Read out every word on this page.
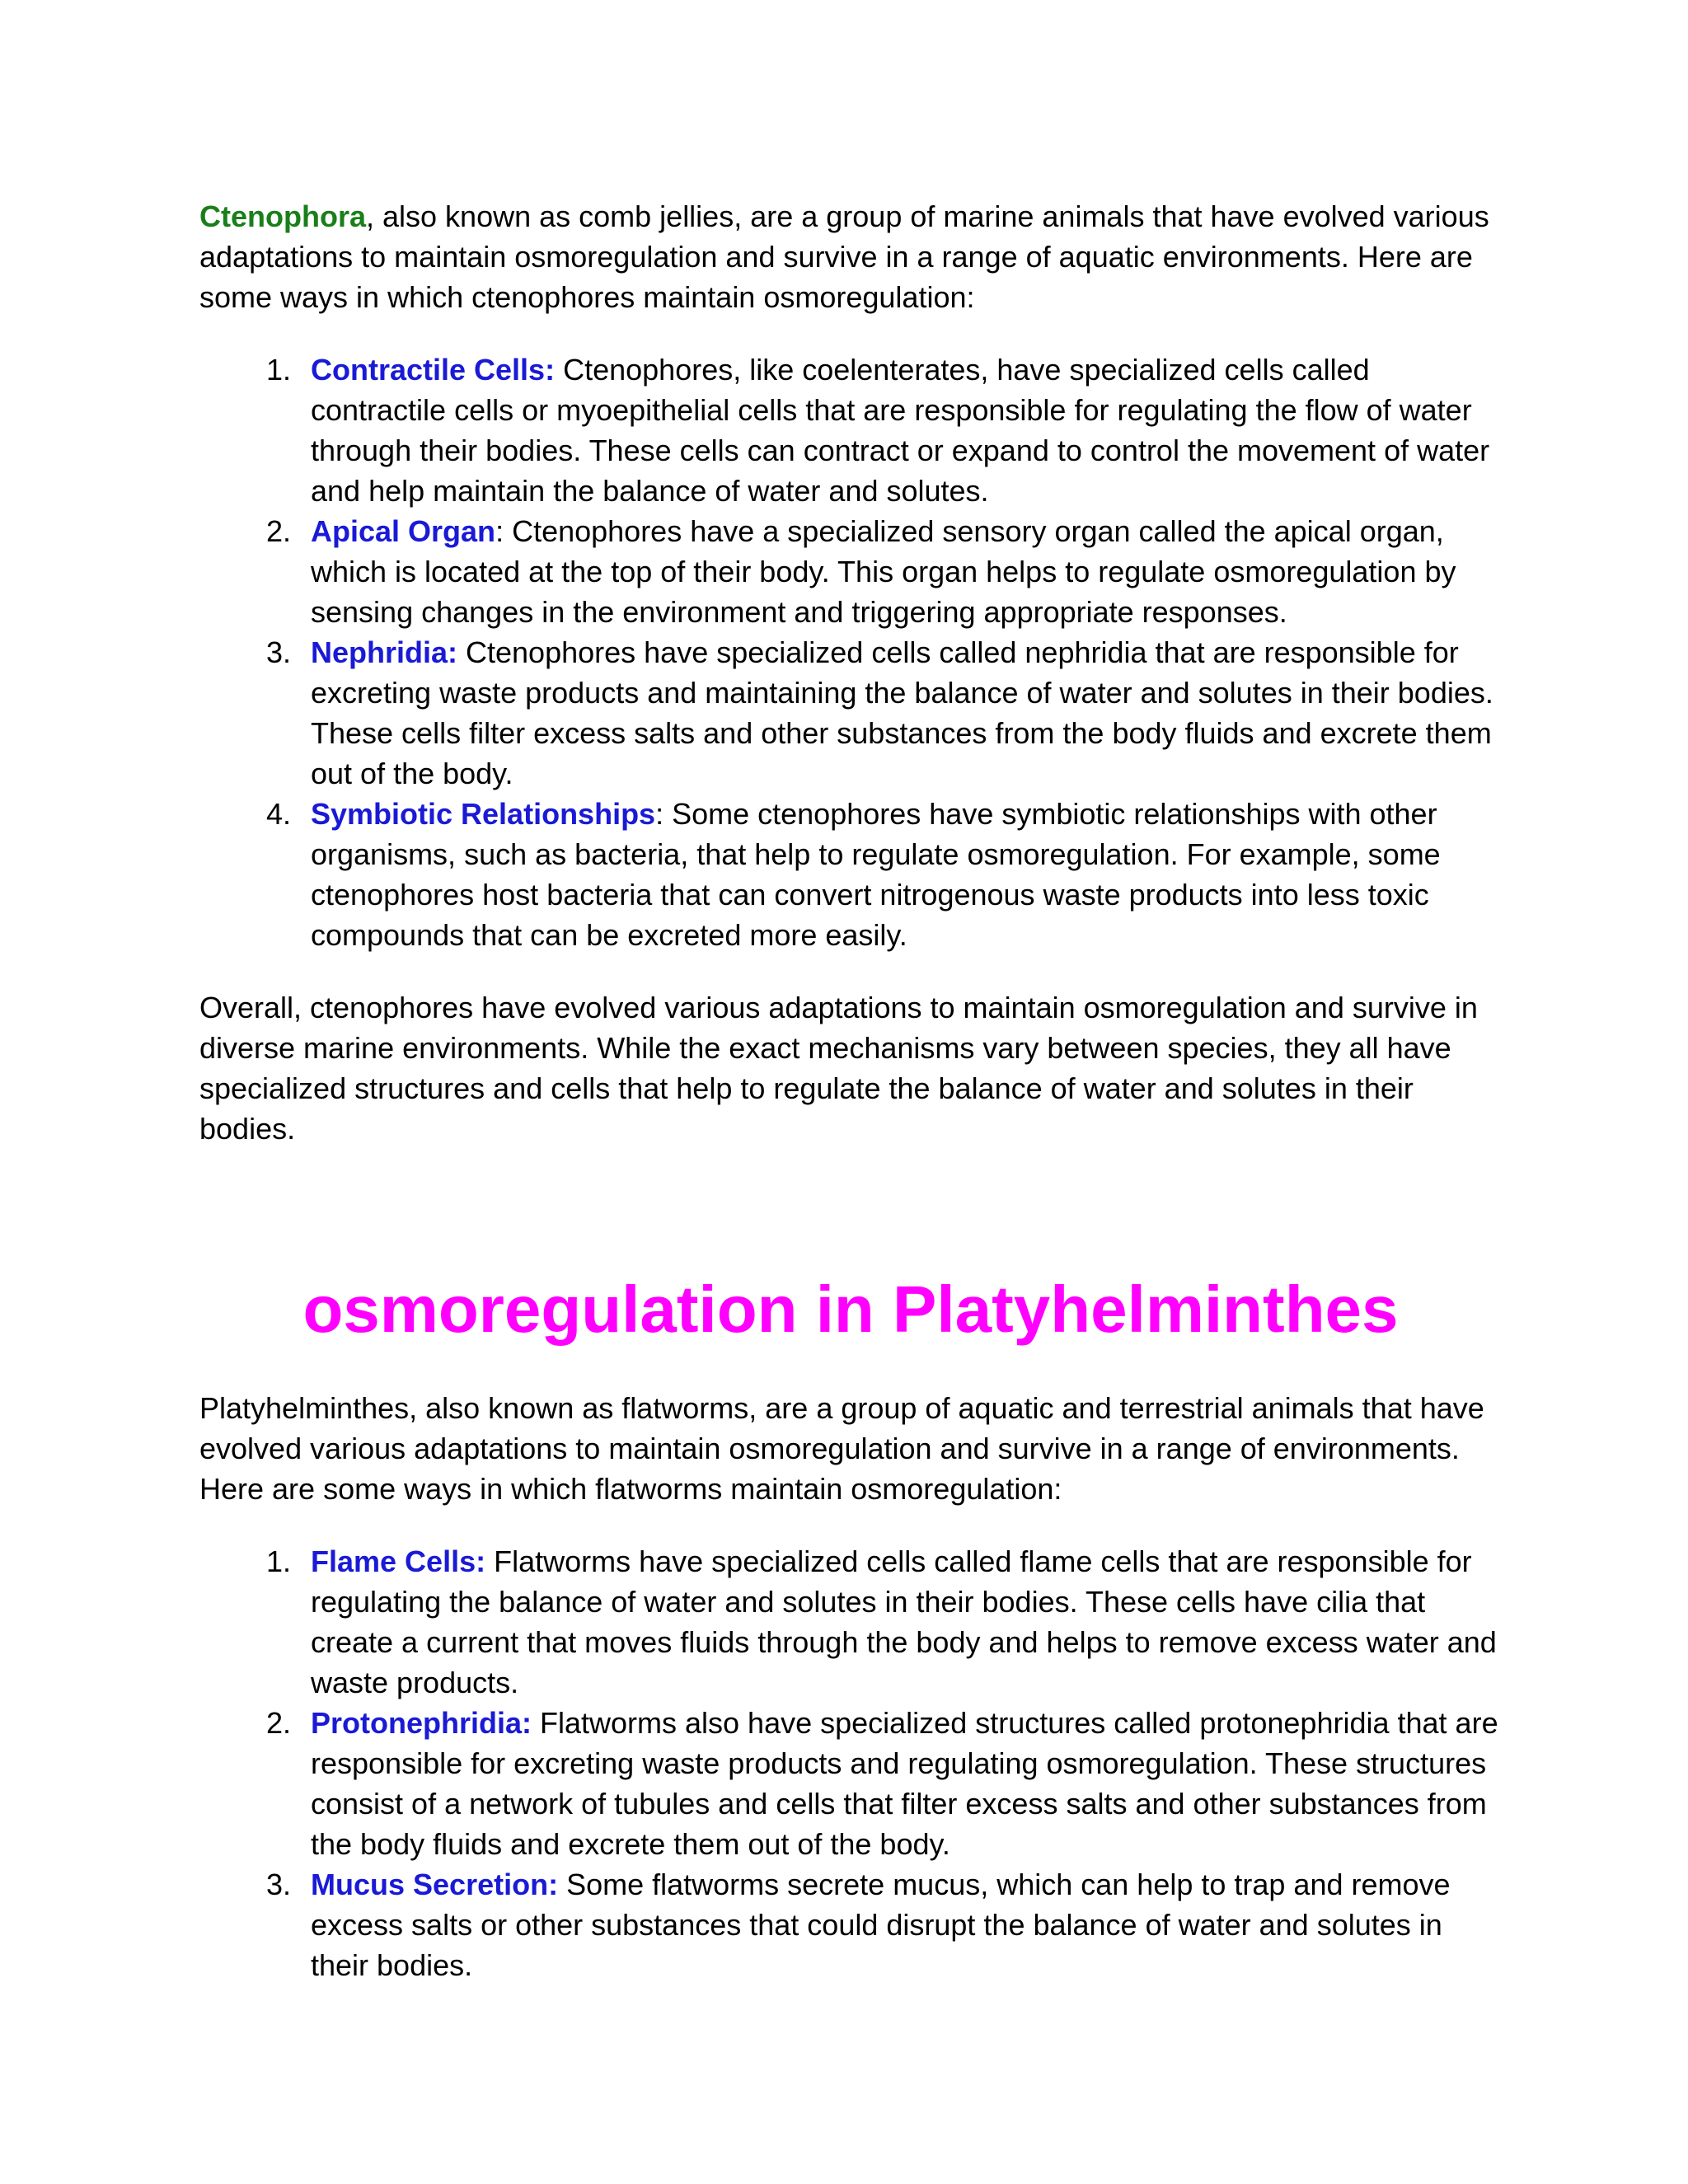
Ctenophora, also known as comb jellies, are a group of marine animals that have evolved various adaptations to maintain osmoregulation and survive in a range of aquatic environments. Here are some ways in which ctenophores maintain osmoregulation:

1. Contractile Cells: Ctenophores, like coelenterates, have specialized cells called contractile cells or myoepithelial cells that are responsible for regulating the flow of water through their bodies. These cells can contract or expand to control the movement of water and help maintain the balance of water and solutes.
2. Apical Organ: Ctenophores have a specialized sensory organ called the apical organ, which is located at the top of their body. This organ helps to regulate osmoregulation by sensing changes in the environment and triggering appropriate responses.
3. Nephridia: Ctenophores have specialized cells called nephridia that are responsible for excreting waste products and maintaining the balance of water and solutes in their bodies. These cells filter excess salts and other substances from the body fluids and excrete them out of the body.
4. Symbiotic Relationships: Some ctenophores have symbiotic relationships with other organisms, such as bacteria, that help to regulate osmoregulation. For example, some ctenophores host bacteria that can convert nitrogenous waste products into less toxic compounds that can be excreted more easily.

Overall, ctenophores have evolved various adaptations to maintain osmoregulation and survive in diverse marine environments. While the exact mechanisms vary between species, they all have specialized structures and cells that help to regulate the balance of water and solutes in their bodies.

osmoregulation in Platyhelminthes

Platyhelminthes, also known as flatworms, are a group of aquatic and terrestrial animals that have evolved various adaptations to maintain osmoregulation and survive in a range of environments. Here are some ways in which flatworms maintain osmoregulation:

1. Flame Cells: Flatworms have specialized cells called flame cells that are responsible for regulating the balance of water and solutes in their bodies. These cells have cilia that create a current that moves fluids through the body and helps to remove excess water and waste products.
2. Protonephridia: Flatworms also have specialized structures called protonephridia that are responsible for excreting waste products and regulating osmoregulation. These structures consist of a network of tubules and cells that filter excess salts and other substances from the body fluids and excrete them out of the body.
3. Mucus Secretion: Some flatworms secrete mucus, which can help to trap and remove excess salts or other substances that could disrupt the balance of water and solutes in their bodies.
